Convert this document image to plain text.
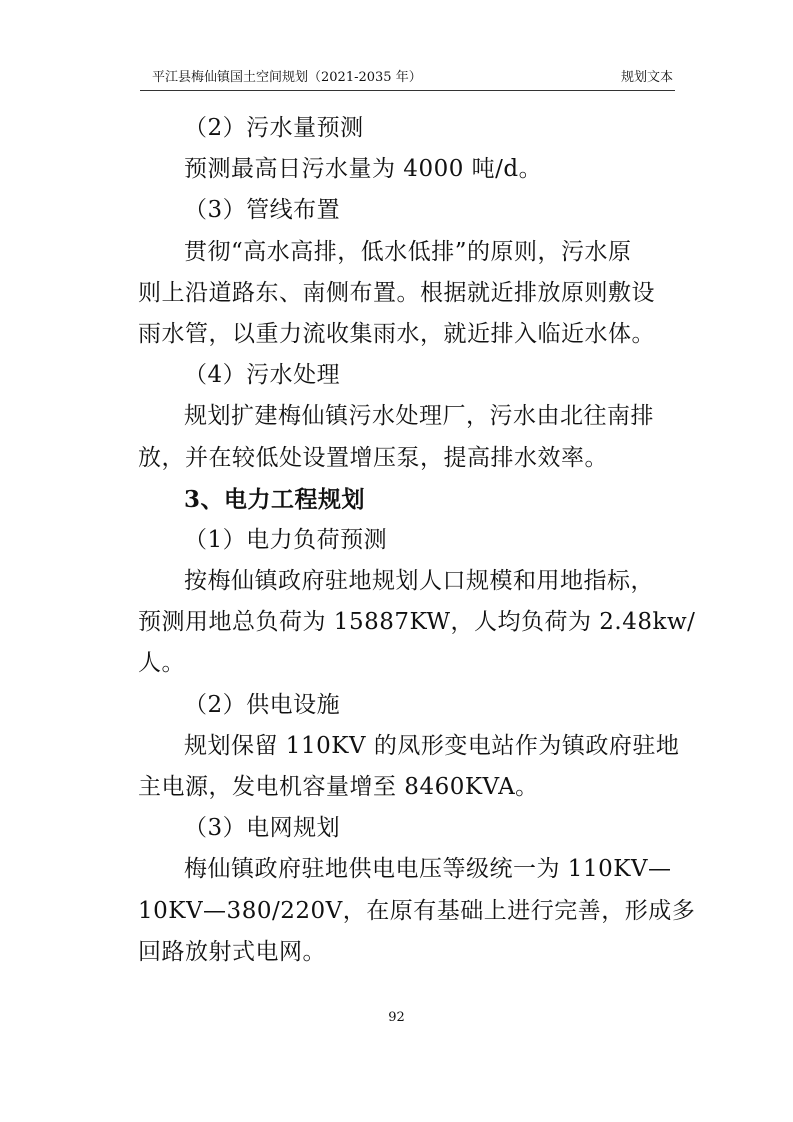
平江县梅仙镇国土空间规划（2021-2035 年）	规划文本
（2）污水量预测
预测最高日污水量为 4000 吨/d。
（3）管线布置
贯彻“高水高排，低水低排”的原则，污水原
则上沿道路东、南侧布置。根据就近排放原则敷设
雨水管，以重力流收集雨水，就近排入临近水体。
（4）污水处理
规划扩建梅仙镇污水处理厂，污水由北往南排
放，并在较低处设置增压泵，提高排水效率。
3、电力工程规划
（1）电力负荷预测
按梅仙镇政府驻地规划人口规模和用地指标，
预测用地总负荷为 15887KW，人均负荷为 2.48kw/
人。
（2）供电设施
规划保留 110KV 的凤形变电站作为镇政府驻地
主电源，发电机容量增至 8460KVA。
（3）电网规划
梅仙镇政府驻地供电电压等级统一为 110KV—
10KV—380/220V，在原有基础上进行完善，形成多
回路放射式电网。
92
